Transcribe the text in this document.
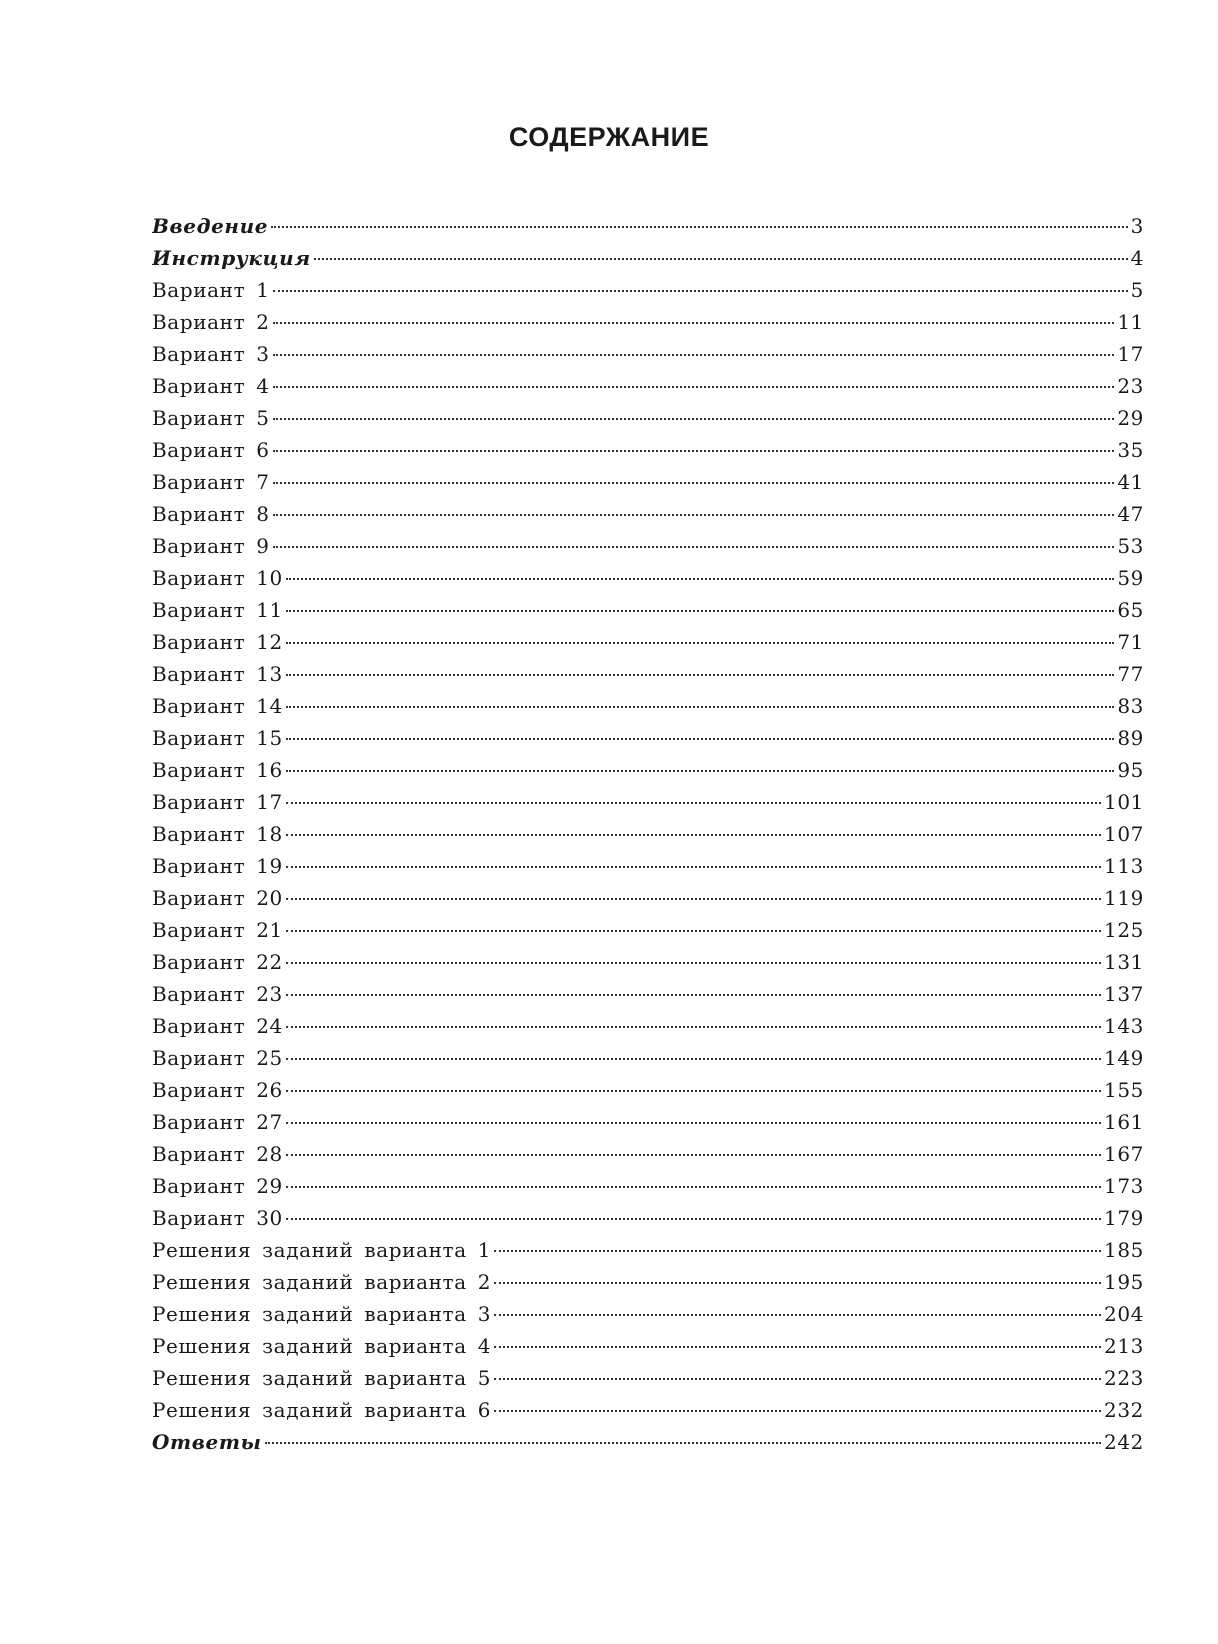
СОДЕРЖАНИЕ
Введение	3
Инструкция	4
Вариант 1	5
Вариант 2	11
Вариант 3	17
Вариант 4	23
Вариант 5	29
Вариант 6	35
Вариант 7	41
Вариант 8	47
Вариант 9	53
Вариант 10	59
Вариант 11	65
Вариант 12	71
Вариант 13	77
Вариант 14	83
Вариант 15	89
Вариант 16	95
Вариант 17	101
Вариант 18	107
Вариант 19	113
Вариант 20	119
Вариант 21	125
Вариант 22	131
Вариант 23	137
Вариант 24	143
Вариант 25	149
Вариант 26	155
Вариант 27	161
Вариант 28	167
Вариант 29	173
Вариант 30	179
Решения заданий варианта 1	185
Решения заданий варианта 2	195
Решения заданий варианта 3	204
Решения заданий варианта 4	213
Решения заданий варианта 5	223
Решения заданий варианта 6	232
Ответы	242
